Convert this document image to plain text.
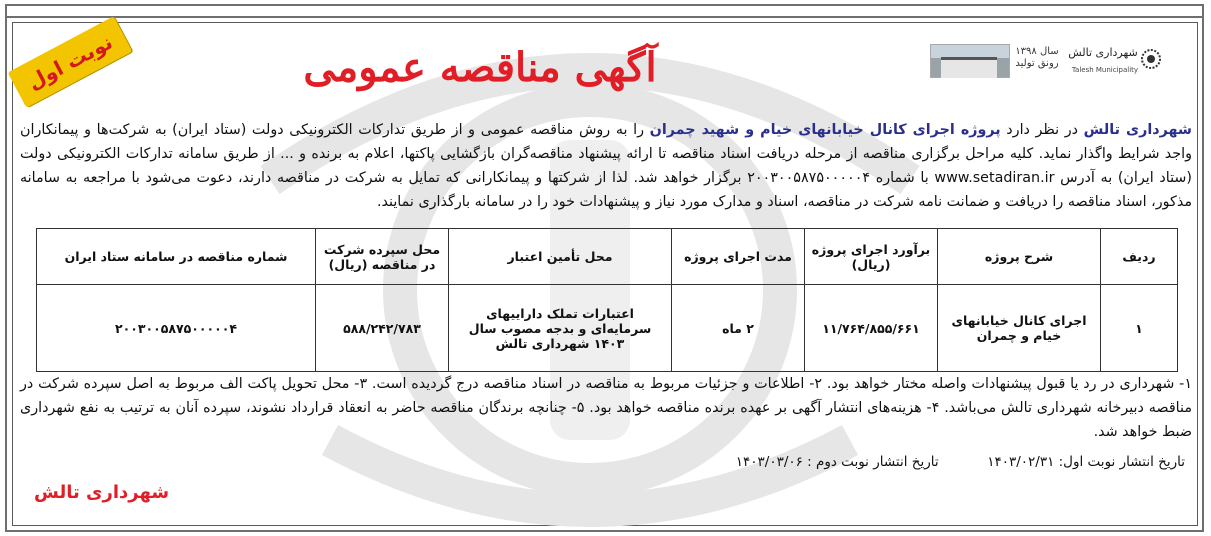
نوبت اول	آگهی مناقصه عمومی	سال ۱۳۹۸
رونق تولید
شهرداری تالش
Talesh Municipality
شهرداری تالش در نظر دارد پروژه اجرای کانال خیابانهای خیام و شهید چمران را به روش مناقصه عمومی و از طریق تدارکات الکترونیکی دولت (ستاد ایران) به شرکت‌ها و پیمانکاران واجد شرایط واگذار نماید. کلیه مراحل برگزاری مناقصه از مرحله دریافت اسناد مناقصه تا ارائه پیشنهاد مناقصه‌گران بازگشایی پاکتها، اعلام به برنده و ... از طریق سامانه تدارکات الکترونیکی دولت (ستاد ایران) به آدرس www.setadiran.ir با شماره ۲۰۰۳۰۰۵۸۷۵۰۰۰۰۰۴ برگزار خواهد شد. لذا از شرکتها و پیمانکارانی که تمایل به شرکت در مناقصه دارند، دعوت می‌شود با مراجعه به سامانه مذکور، اسناد مناقصه را دریافت و ضمانت نامه شرکت در مناقصه، اسناد و مدارک مورد نیاز و پیشنهادات خود را در سامانه بارگذاری نمایند.
ردیف	شرح پروژه	برآورد اجرای پروژه (ریال)	مدت اجرای پروژه	محل تأمین اعتبار	محل سپرده شرکت در مناقصه (ریال)	شماره مناقصه در سامانه ستاد ایران
۱	اجرای کانال خیابانهای خیام و چمران	۱۱/۷۶۴/۸۵۵/۶۶۱	۲ ماه	اعتبارات تملک داراییهای سرمایه‌ای و بدجه مصوب سال ۱۴۰۳ شهرداری تالش	۵۸۸/۲۴۲/۷۸۳	۲۰۰۳۰۰۵۸۷۵۰۰۰۰۰۴
۱- شهرداری در رد یا قبول پیشنهادات واصله مختار خواهد بود. ۲- اطلاعات و جزئیات مربوط به مناقصه در اسناد مناقصه درج گردیده است. ۳- محل تحویل پاکت الف مربوط به اصل سپرده شرکت در مناقصه دبیرخانه شهرداری تالش می‌باشد. ۴- هزینه‌های انتشار آگهی بر عهده برنده مناقصه خواهد بود. ۵- چنانچه برندگان مناقصه حاضر به انعقاد قرارداد نشوند، سپرده آنان به ترتیب به نفع شهرداری ضبط خواهد شد.
تاریخ انتشار نوبت اول: ۱۴۰۳/۰۲/۳۱  تاریخ انتشار نوبت دوم : ۱۴۰۳/۰۳/۰۶
شهرداری تالش
